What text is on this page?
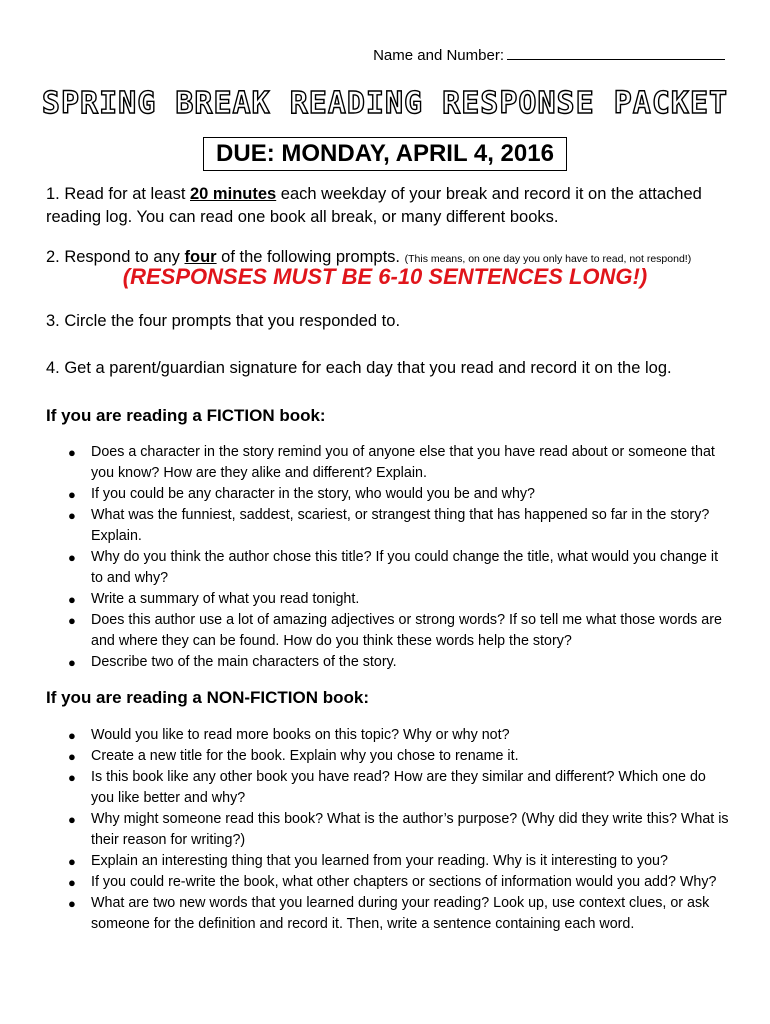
Name and Number:
SPRING BREAK READING RESPONSE PACKET
DUE: MONDAY, APRIL 4, 2016
1. Read for at least 20 minutes each weekday of your break and record it on the attached reading log. You can read one book all break, or many different books.
2. Respond to any four of the following prompts. (This means, on one day you only have to read, not respond!)
(RESPONSES MUST BE 6-10 SENTENCES LONG!)
3. Circle the four prompts that you responded to.
4. Get a parent/guardian signature for each day that you read and record it on the log.
If you are reading a FICTION book:
● Does a character in the story remind you of anyone else that you have read about or someone that you know? How are they alike and different? Explain.
● If you could be any character in the story, who would you be and why?
● What was the funniest, saddest, scariest, or strangest thing that has happened so far in the story? Explain.
● Why do you think the author chose this title? If you could change the title, what would you change it to and why?
● Write a summary of what you read tonight.
● Does this author use a lot of amazing adjectives or strong words? If so tell me what those words are and where they can be found. How do you think these words help the story?
● Describe two of the main characters of the story.
If you are reading a NON-FICTION book:
● Would you like to read more books on this topic? Why or why not?
● Create a new title for the book. Explain why you chose to rename it.
● Is this book like any other book you have read? How are they similar and different? Which one do you like better and why?
● Why might someone read this book? What is the author’s purpose? (Why did they write this? What is their reason for writing?)
● Explain an interesting thing that you learned from your reading. Why is it interesting to you?
● If you could re-write the book, what other chapters or sections of information would you add? Why?
● What are two new words that you learned during your reading? Look up, use context clues, or ask someone for the definition and record it. Then, write a sentence containing each word.
